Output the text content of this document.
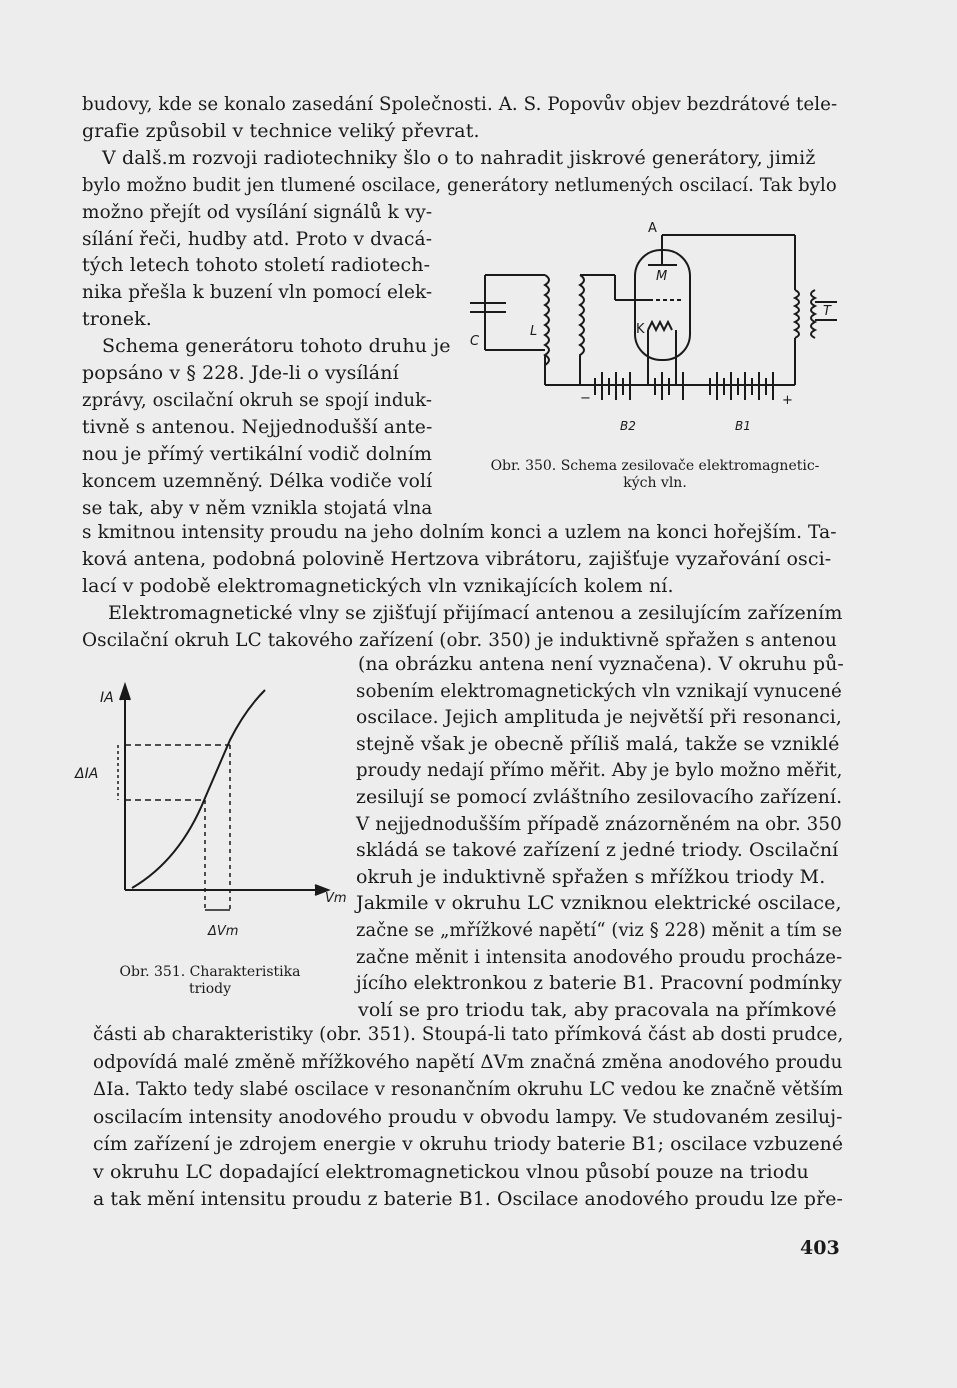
budovy, kde se konalo zasedání Společnosti. A. S. Popovův objev bezdrátové tele-
grafie způsobil v technice veliký převrat.
V dalš.m rozvoji radiotechniky šlo o to nahradit jiskrové generátory, jimiž
bylo možno budit jen tlumené oscilace, generátory netlumených oscilací. Tak bylo
možno přejít od vysílání signálů k vy-
sílání řeči, hudby atd. Proto v dvacá-
tých letech tohoto století radiotech-
nika přešla k buzení vln pomocí elek-
tronek.
Schema generátoru tohoto druhu je
popsáno v § 228. Jde-li o vysílání
zprávy, oscilační okruh se spojí induk-
tivně s antenou. Nejjednodušší ante-
nou je přímý vertikální vodič dolním
koncem uzemněný. Délka vodiče volí
se tak, aby v něm vznikla stojatá vlna
s kmitnou intensity proudu na jeho dolním konci a uzlem na konci hořejším. Ta-
ková antena, podobná polovině Hertzova vibrátoru, zajišťuje vyzařování osci-
lací v podobě elektromagnetických vln vznikajících kolem ní.
Elektromagnetické vlny se zjišťují přijímací antenou a zesilujícím zařízením
Oscilační okruh LC takového zařízení (obr. 350) je induktivně spřažen s antenou
(na obrázku antena není vyznačena). V okruhu pů-
sobením elektromagnetických vln vznikají vynucené
oscilace. Jejich amplituda je největší při resonanci,
stejně však je obecně příliš malá, takže se vzniklé
proudy nedají přímo měřit. Aby je bylo možno měřit,
zesilují se pomocí zvláštního zesilovacího zařízení.
V nejjednodušším případě znázorněném na obr. 350
skládá se takové zařízení z jedné triody. Oscilační
okruh je induktivně spřažen s mřížkou triody M.
Jakmile v okruhu LC vzniknou elektrické oscilace,
začne se „mřížkové napětí“ (viz § 228) měnit a tím se
začne měnit i intensita anodového proudu procháze-
jícího elektronkou z baterie B1. Pracovní podmínky
volí se pro triodu tak, aby pracovala na přímkové
části ab charakteristiky (obr. 351). Stoupá-li tato přímková část ab dosti prudce,
odpovídá malé změně mřížkového napětí ΔVm značná změna anodového proudu
ΔIa. Takto tedy slabé oscilace v resonančním okruhu LC vedou ke značně větším
oscilacím intensity anodového proudu v obvodu lampy. Ve studovaném zesiluj-
cím zařízení je zdrojem energie v okruhu triody baterie B1; oscilace vzbuzené
v okruhu LC dopadající elektromagnetickou vlnou působí pouze na triodu
a tak mění intensitu proudu z baterie B1. Oscilace anodového proudu lze pře-
A
M
K
C
L
T
B2	B1
−	+
Obr. 350. Schema zesilovače elektromagnetic-
kých vln.
IA
ΔIA
Vm
ΔVm
Obr. 351. Charakteristika
triody
403
